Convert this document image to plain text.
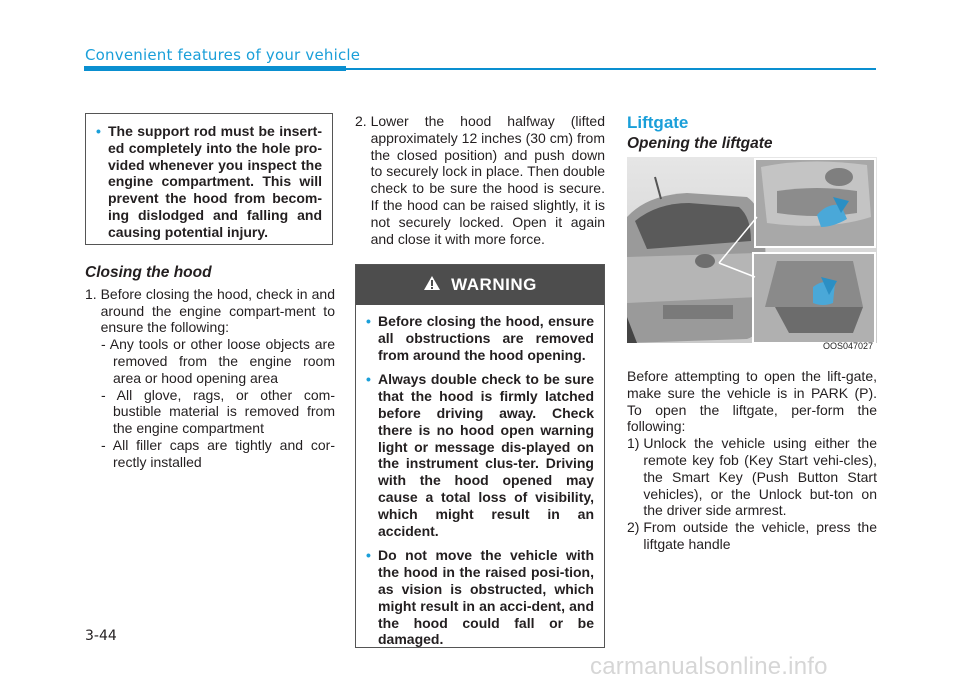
Convenient features of your vehicle
• The support rod must be insert-ed completely into the hole pro-vided whenever you inspect the engine compartment. This will prevent the hood from becom-ing dislodged and falling and causing potential injury.
Closing the hood
1. Before closing the hood, check in and around the engine compart-ment to ensure the following:
- Any tools or other loose objects are removed from the engine room area or hood opening area
- All glove, rags, or other com-bustible material is removed from the engine compartment
- All filler caps are tightly and cor-rectly installed
2. Lower the hood halfway (lifted approximately 12 inches (30 cm) from the closed position) and push down to securely lock in place. Then double check to be sure the hood is secure. If the hood can be raised slightly, it is not securely locked. Open it again and close it with more force.
WARNING
• Before closing the hood, ensure all obstructions are removed from around the hood opening.
• Always double check to be sure that the hood is firmly latched before driving away. Check there is no hood open warning light or message dis-played on the instrument clus-ter. Driving with the hood opened may cause a total loss of visibility, which might result in an accident.
• Do not move the vehicle with the hood in the raised posi-tion, as vision is obstructed, which might result in an acci-dent, and the hood could fall or be damaged.
Liftgate
Opening the liftgate
OOS047027
Before attempting to open the lift-gate, make sure the vehicle is in PARK (P). To open the liftgate, per-form the following:
1) Unlock the vehicle using either the remote key fob (Key Start vehi-cles), the Smart Key (Push Button Start vehicles), or the Unlock but-ton on the driver side armrest.
2) From outside the vehicle, press the liftgate handle
3-44
carmanualsonline.info
